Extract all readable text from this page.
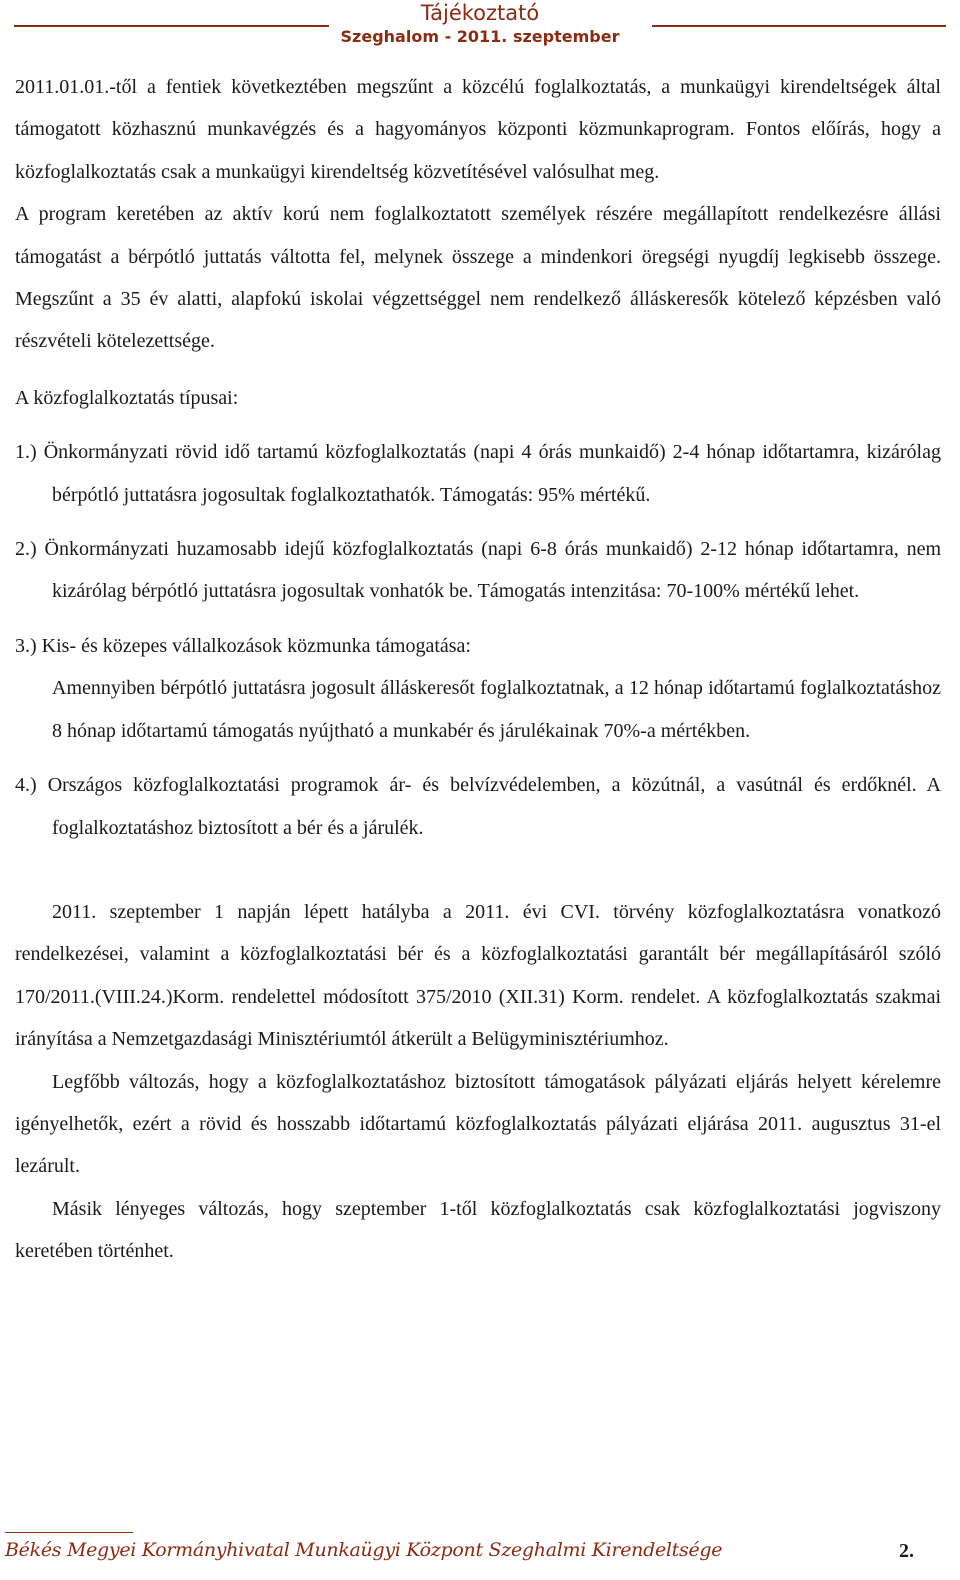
Tájékoztató
Szeghalom - 2011. szeptember

2011.01.01.-től a fentiek következtében megszűnt a közcélú foglalkoztatás, a munkaügyi kirendeltségek által támogatott közhasznú munkavégzés és a hagyományos központi közmunkaprogram. Fontos előírás, hogy a közfoglalkoztatás csak a munkaügyi kirendeltség közvetítésével valósulhat meg.

A program keretében az aktív korú nem foglalkoztatott személyek részére megállapított rendelkezésre állási támogatást a bérpótló juttatás váltotta fel, melynek összege a mindenkori öregségi nyugdíj legkisebb összege. Megszűnt a 35 év alatti, alapfokú iskolai végzettséggel nem rendelkező álláskeresők kötelező képzésben való részvételi kötelezettsége.

A közfoglalkoztatás típusai:

1.) Önkormányzati rövid idő tartamú közfoglalkoztatás (napi 4 órás munkaidő) 2-4 hónap időtartamra, kizárólag bérpótló juttatásra jogosultak foglalkoztathatók. Támogatás: 95% mértékű.

2.) Önkormányzati huzamosabb idejű közfoglalkoztatás (napi 6-8 órás munkaidő) 2-12 hónap időtartamra, nem kizárólag bérpótló juttatásra jogosultak vonhatók be. Támogatás intenzitása: 70-100% mértékű lehet.

3.) Kis- és közepes vállalkozások közmunka támogatása:

Amennyiben bérpótló juttatásra jogosult álláskeresőt foglalkoztatnak, a 12 hónap időtartamú foglalkoztatáshoz 8 hónap időtartamú támogatás nyújtható a munkabér és járulékainak 70%-a mértékben.

4.) Országos közfoglalkoztatási programok ár- és belvízvédelemben, a közútnál, a vasútnál és erdőknél. A foglalkoztatáshoz biztosított a bér és a járulék.

2011. szeptember 1 napján lépett hatályba a 2011. évi CVI. törvény közfoglalkoztatásra vonatkozó rendelkezései, valamint a közfoglalkoztatási bér és a közfoglalkoztatási garantált bér megállapításáról szóló 170/2011.(VIII.24.)Korm. rendelettel módosított 375/2010 (XII.31) Korm. rendelet. A közfoglalkoztatás szakmai irányítása a Nemzetgazdasági Minisztériumtól átkerült a Belügyminisztériumhoz.

Legfőbb változás, hogy a közfoglalkoztatáshoz biztosított támogatások pályázati eljárás helyett kérelemre igényelhetők, ezért a rövid és hosszabb időtartamú közfoglalkoztatás pályázati eljárása 2011. augusztus 31-el lezárult.

Másik lényeges változás, hogy szeptember 1-től közfoglalkoztatás csak közfoglalkoztatási jogviszony keretében történhet.

Békés Megyei Kormányhivatal Munkaügyi Központ Szeghalmi Kirendeltsége	2.
